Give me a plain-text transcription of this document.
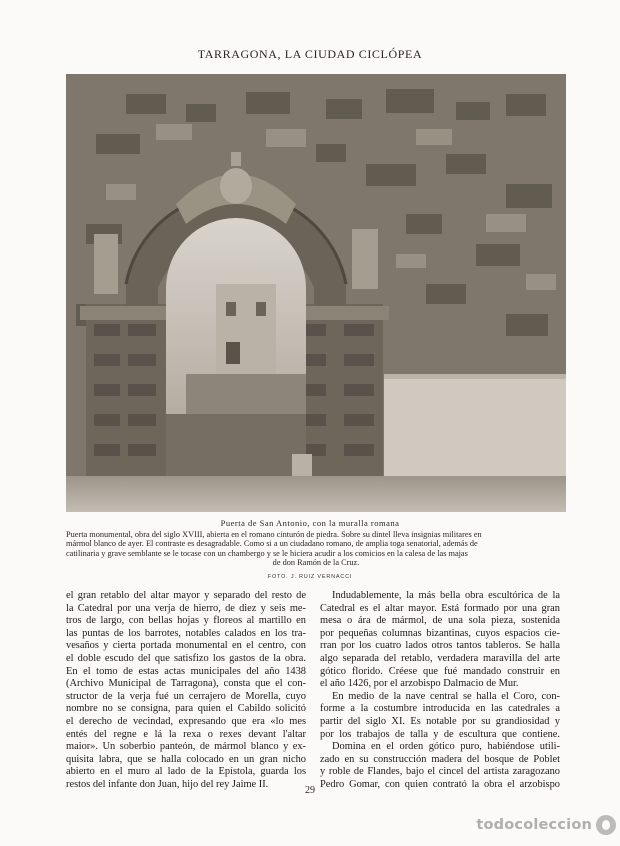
TARRAGONA, LA CIUDAD CICLÓPEA
Puerta de San Antonio, con la muralla romana
Puerta monumental, obra del siglo XVIII, abierta en el romano cinturón de piedra. Sobre su dintel lleva insignias militares en
mármol blanco de ayer. El contraste es desagradable. Como si a un ciudadano romano, de amplia toga senatorial, además de
catilinaria y grave semblante se le tocase con un chambergo y se le hiciera acudir a los comicios en la calesa de las majas
de don Ramón de la Cruz.
FOTO. J. RUIZ VERNACCI
el gran retablo del altar mayor y separado del resto de
la Catedral por una verja de hierro, de diez y seis me-
tros de largo, con bellas hojas y floreos al martillo en
las puntas de los barrotes, notables calados en los tra-
vesaños y cierta portada monumental en el centro, con
el doble escudo del que satisfizo los gastos de la obra.
En el tomo de estas actas municipales del año 1438
(Archivo Municipal de Tarragona), consta que el con-
structor de la verja fué un cerrajero de Morella, cuyo
nombre no se consigna, para quien el Cabildo solicitó
el derecho de vecindad, expresando que era «lo mes
entés del regne e lá la rexa o rexes devant l'altar
maior». Un soberbio panteón, de mármol blanco y ex-
quisita labra, que se halla colocado en un gran nicho
abierto en el muro al lado de la Epístola, guarda los
restos del infante don Juan, hijo del rey Jaime II.
Indudablemente, la más bella obra escultórica de la
Catedral es el altar mayor. Está formado por una gran
mesa o ára de mármol, de una sola pieza, sostenida
por pequeñas columnas bizantinas, cuyos espacios cie-
rran por los cuatro lados otros tantos tableros. Se halla
algo separada del retablo, verdadera maravilla del arte
gótico florido. Créese que fué mandado construir en
el año 1426, por el arzobispo Dalmacio de Mur.
En medio de la nave central se halla el Coro, con-
forme a la costumbre introducida en las catedrales a
partir del siglo XI. Es notable por su grandiosidad y
por los trabajos de talla y de escultura que contiene.
Domina en el orden gótico puro, habiéndose utili-
zado en su construcción madera del bosque de Poblet
y roble de Flandes, bajo el cincel del artista zaragozano
Pedro Gomar, con quien contrató la obra el arzobispo
29
todocoleccion
